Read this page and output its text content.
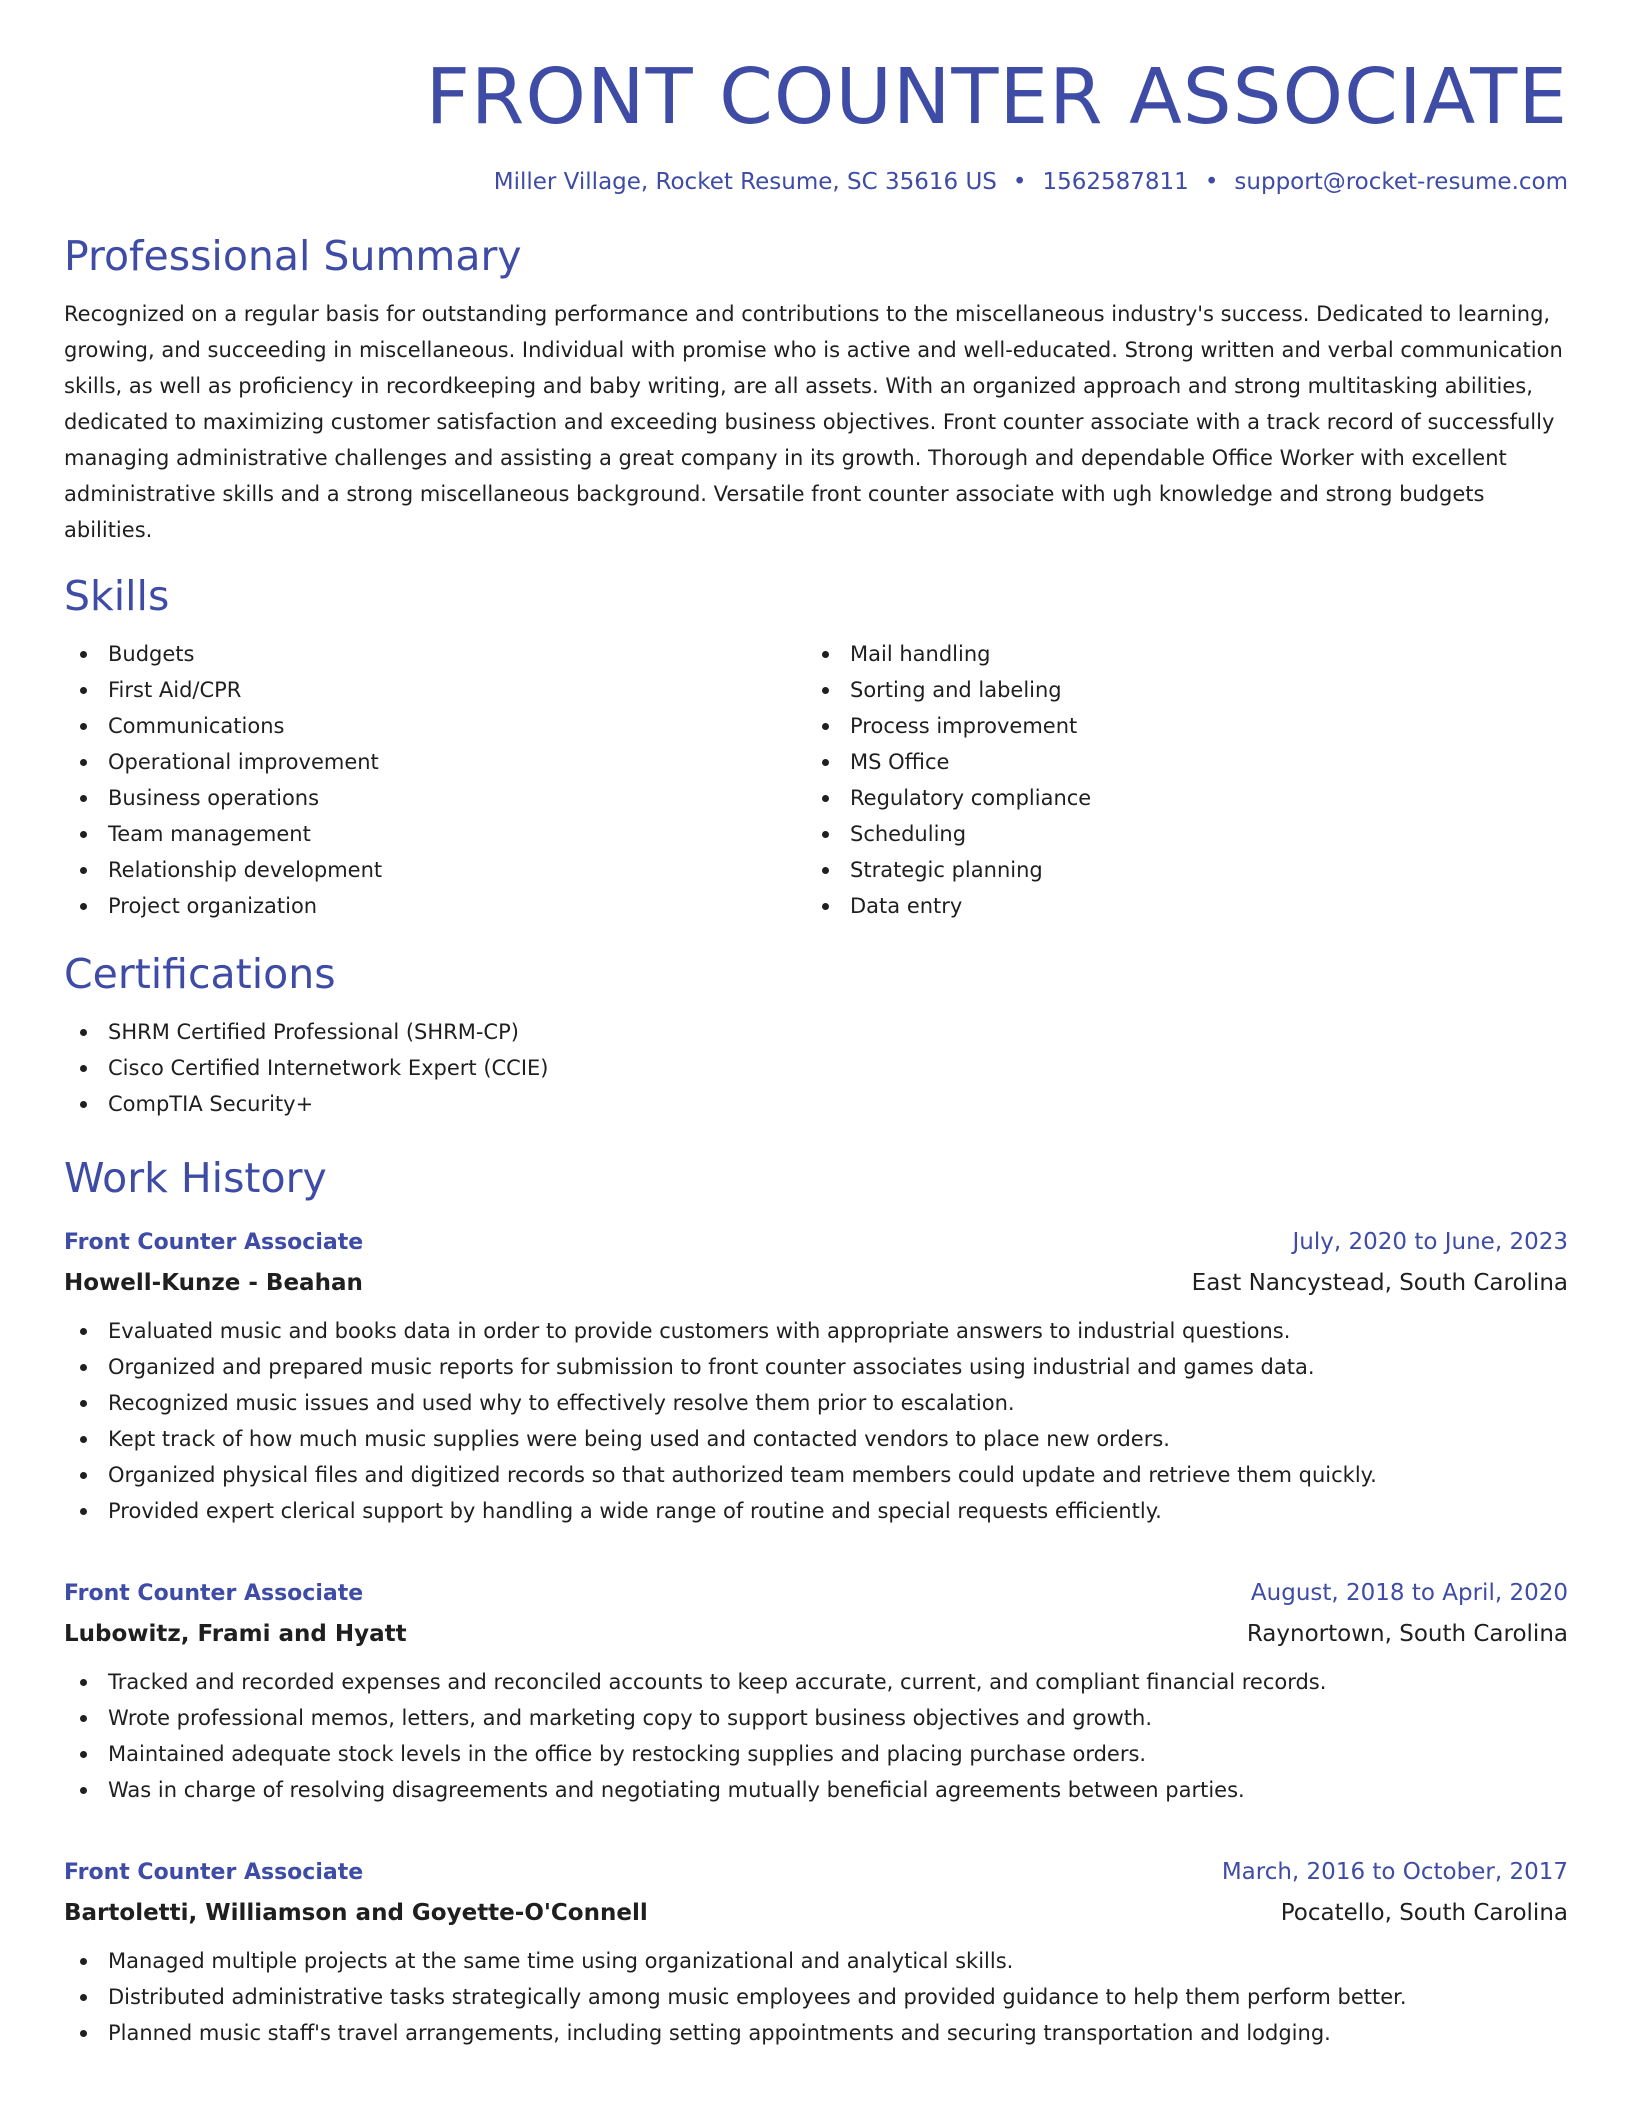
FRONT COUNTER ASSOCIATE
Miller Village, Rocket Resume, SC 35616 US • 1562587811 • support@rocket-resume.com
Professional Summary

Recognized on a regular basis for outstanding performance and contributions to the miscellaneous industry's success. Dedicated to learning, growing, and succeeding in miscellaneous. Individual with promise who is active and well-educated. Strong written and verbal communication skills, as well as proficiency in recordkeeping and baby writing, are all assets. With an organized approach and strong multitasking abilities, dedicated to maximizing customer satisfaction and exceeding business objectives. Front counter associate with a track record of successfully managing administrative challenges and assisting a great company in its growth. Thorough and dependable Office Worker with excellent administrative skills and a strong miscellaneous background. Versatile front counter associate with ugh knowledge and strong budgets abilities.

Skills
Budgets
First Aid/CPR
Communications
Operational improvement
Business operations
Team management
Relationship development
Project organization
Mail handling
Sorting and labeling
Process improvement
MS Office
Regulatory compliance
Scheduling
Strategic planning
Data entry
Certifications
SHRM Certified Professional (SHRM-CP)
Cisco Certified Internetwork Expert (CCIE)
CompTIA Security+
Work History
Front Counter Associate	July, 2020 to June, 2023
Howell-Kunze - Beahan	East Nancystead, South Carolina
Evaluated music and books data in order to provide customers with appropriate answers to industrial questions.
Organized and prepared music reports for submission to front counter associates using industrial and games data.
Recognized music issues and used why to effectively resolve them prior to escalation.
Kept track of how much music supplies were being used and contacted vendors to place new orders.
Organized physical files and digitized records so that authorized team members could update and retrieve them quickly.
Provided expert clerical support by handling a wide range of routine and special requests efficiently.
Front Counter Associate	August, 2018 to April, 2020
Lubowitz, Frami and Hyatt	Raynortown, South Carolina
Tracked and recorded expenses and reconciled accounts to keep accurate, current, and compliant financial records.
Wrote professional memos, letters, and marketing copy to support business objectives and growth.
Maintained adequate stock levels in the office by restocking supplies and placing purchase orders.
Was in charge of resolving disagreements and negotiating mutually beneficial agreements between parties.
Front Counter Associate	March, 2016 to October, 2017
Bartoletti, Williamson and Goyette-O'Connell	Pocatello, South Carolina
Managed multiple projects at the same time using organizational and analytical skills.
Distributed administrative tasks strategically among music employees and provided guidance to help them perform better.
Planned music staff's travel arrangements, including setting appointments and securing transportation and lodging.
